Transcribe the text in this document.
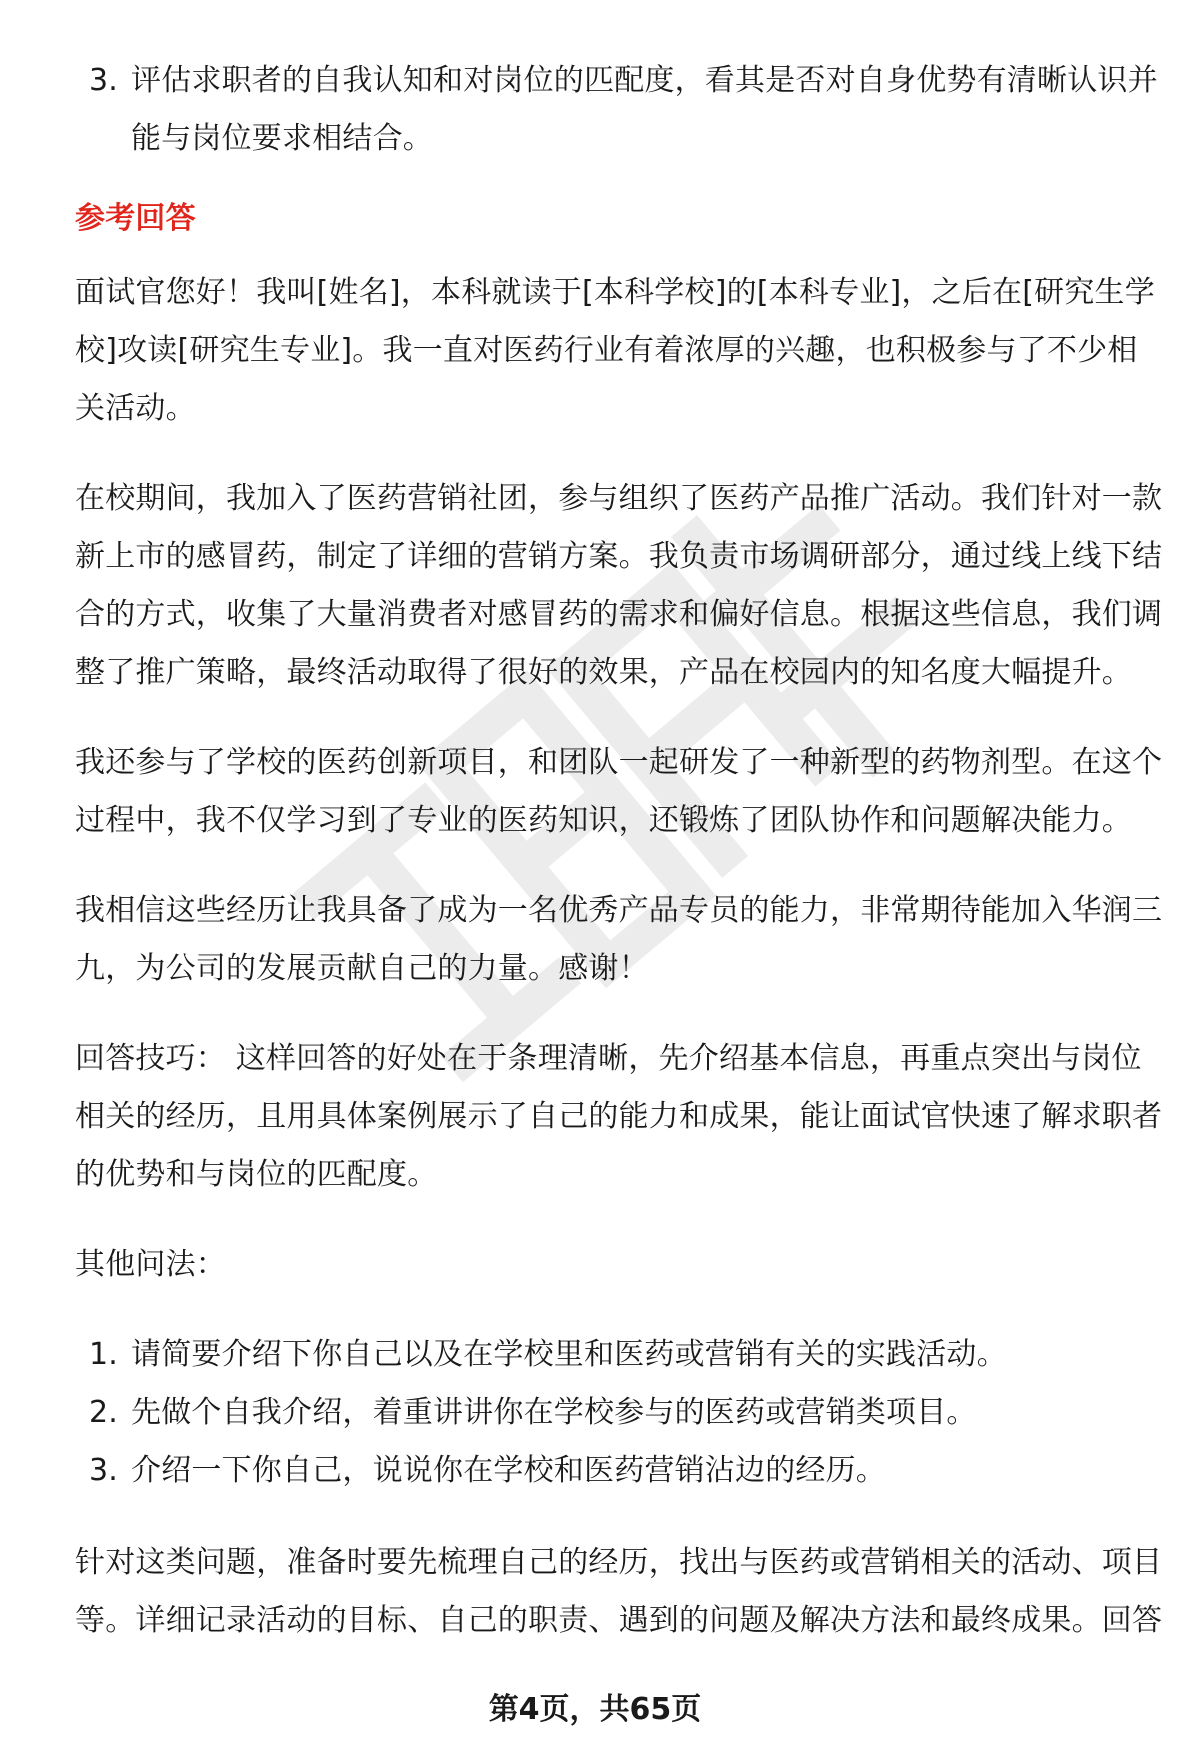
3. 评估求职者的自我认知和对岗位的匹配度，看其是否对自身优势有清晰认识并能与岗位要求相结合。
参考回答

面试官您好！我叫[姓名]，本科就读于[本科学校]的[本科专业]，之后在[研究生学校]攻读[研究生专业]。我一直对医药行业有着浓厚的兴趣，也积极参与了不少相关活动。

在校期间，我加入了医药营销社团，参与组织了医药产品推广活动。我们针对一款新上市的感冒药，制定了详细的营销方案。我负责市场调研部分，通过线上线下结合的方式，收集了大量消费者对感冒药的需求和偏好信息。根据这些信息，我们调整了推广策略，最终活动取得了很好的效果，产品在校园内的知名度大幅提升。

我还参与了学校的医药创新项目，和团队一起研发了一种新型的药物剂型。在这个过程中，我不仅学习到了专业的医药知识，还锻炼了团队协作和问题解决能力。

我相信这些经历让我具备了成为一名优秀产品专员的能力，非常期待能加入华润三九，为公司的发展贡献自己的力量。感谢！

回答技巧： 这样回答的好处在于条理清晰，先介绍基本信息，再重点突出与岗位相关的经历，且用具体案例展示了自己的能力和成果，能让面试官快速了解求职者的优势和与岗位的匹配度。

其他问法：

1. 请简要介绍下你自己以及在学校里和医药或营销有关的实践活动。
2. 先做个自我介绍，着重讲讲你在学校参与的医药或营销类项目。
3. 介绍一下你自己，说说你在学校和医药营销沾边的经历。

针对这类问题，准备时要先梳理自己的经历，找出与医药或营销相关的活动、项目等。详细记录活动的目标、自己的职责、遇到的问题及解决方法和最终成果。回答

第4页，共65页
